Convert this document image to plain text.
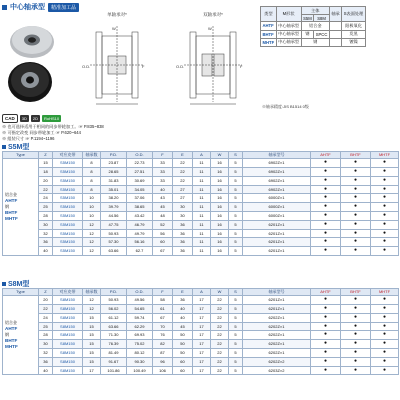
中心轴承型	精准加工品
CAD	3D	2D	RoHS10
单轴承对*
W
O.D.	F
双轴承对*
W
O.D.	F
类型	M形状	主体		轴承	S表面处理
		S5M	S8M		
AHTF	中心轴承型	铝合金			阳极氧化
BHTF	中心轴承型	钢	SPCC		发黑
MHTF	中心轴承型	钢			镀镍
※轴承精度:JIS B1514 0级
※ 也可选择适用于相同的同步带轮加工。☞ P.835~838
※ 可指定改变 同步带轮加工 ☞ P.620~644
※ 组装尺寸 ☞ P.1194~1196
S5M型
Type	Z	对应皮带	轴承数	P.D.	O.D.	F	E	A	W	S	轴承型号	AHTF	BHTF	MHTF

铝合金
AHTF
钢
BHTF
MHTF	15	S5M150	8	23.87	22.73	33	22	11	16	5	6902Z×1	●	●	●
	18	S5M150	8	28.65	27.51	33	22	11	16	5	6902Z×1	●	●	●
	20	S5M150	8	31.83	30.69	33	22	11	16	5	6902Z×1	●	●	●
	22	S5M150	8	35.01	34.05	40	27	11	16	5	6902Z×1	●	●	●
	24	S5M150	10	38.20	37.06	43	27	11	16	5	6000Z×1	●	●	●
	25	S5M150	10	39.79	38.65	45	30	11	16	5	6000Z×1	●	●	●
	28	S5M150	10	44.56	43.42	48	30	11	16	5	6000Z×1	●	●	●
	30	S5M150	12	47.75	46.79	52	36	11	16	5	6201Z×1	●	●	●
	32	S5M150	12	50.93	49.79	56	36	11	16	5	6201Z×1	●	●	●
	36	S5M150	12	57.30	56.16	60	36	11	16	5	6201Z×1	●	●	●
	40	S5M150	12	63.66	62.7	67	36	11	16	5	6201Z×1	●	●	●
S8M型
Type	Z	对应皮带	轴承数	P.D.	O.D.	F	E	A	W	S	轴承型号	AHTF	BHTF	MHTF

铝合金
AHTF
钢
BHTF
MHTF	20	S8M150	12	50.93	49.56	58	36	17	22	5	6201Z×1	●	●	●
	22	S8M150	12	56.02	54.65	61	40	17	22	5	6201Z×1	●	●	●
	24	S8M150	15	61.12	59.74	67	40	17	22	5	6202Z×1	●	●	●
	25	S8M150	15	63.66	62.29	70	45	17	22	5	6202Z×1	●	●	●
	28	S8M150	15	71.30	69.93	76	50	17	22	5	6202Z×1	●	●	●
	30	S8M150	15	76.39	75.02	82	50	17	22	5	6202Z×1	●	●	●
	32	S8M150	15	81.49	80.12	87	50	17	22	5	6202Z×1	●	●	●
	36	S8M150	15	91.67	90.30	96	60	17	22	5	6202Z×2	●	●	●
	40	S8M150	17	101.86	100.49	106	60	17	22	5	6203Z×2	●	●	●
